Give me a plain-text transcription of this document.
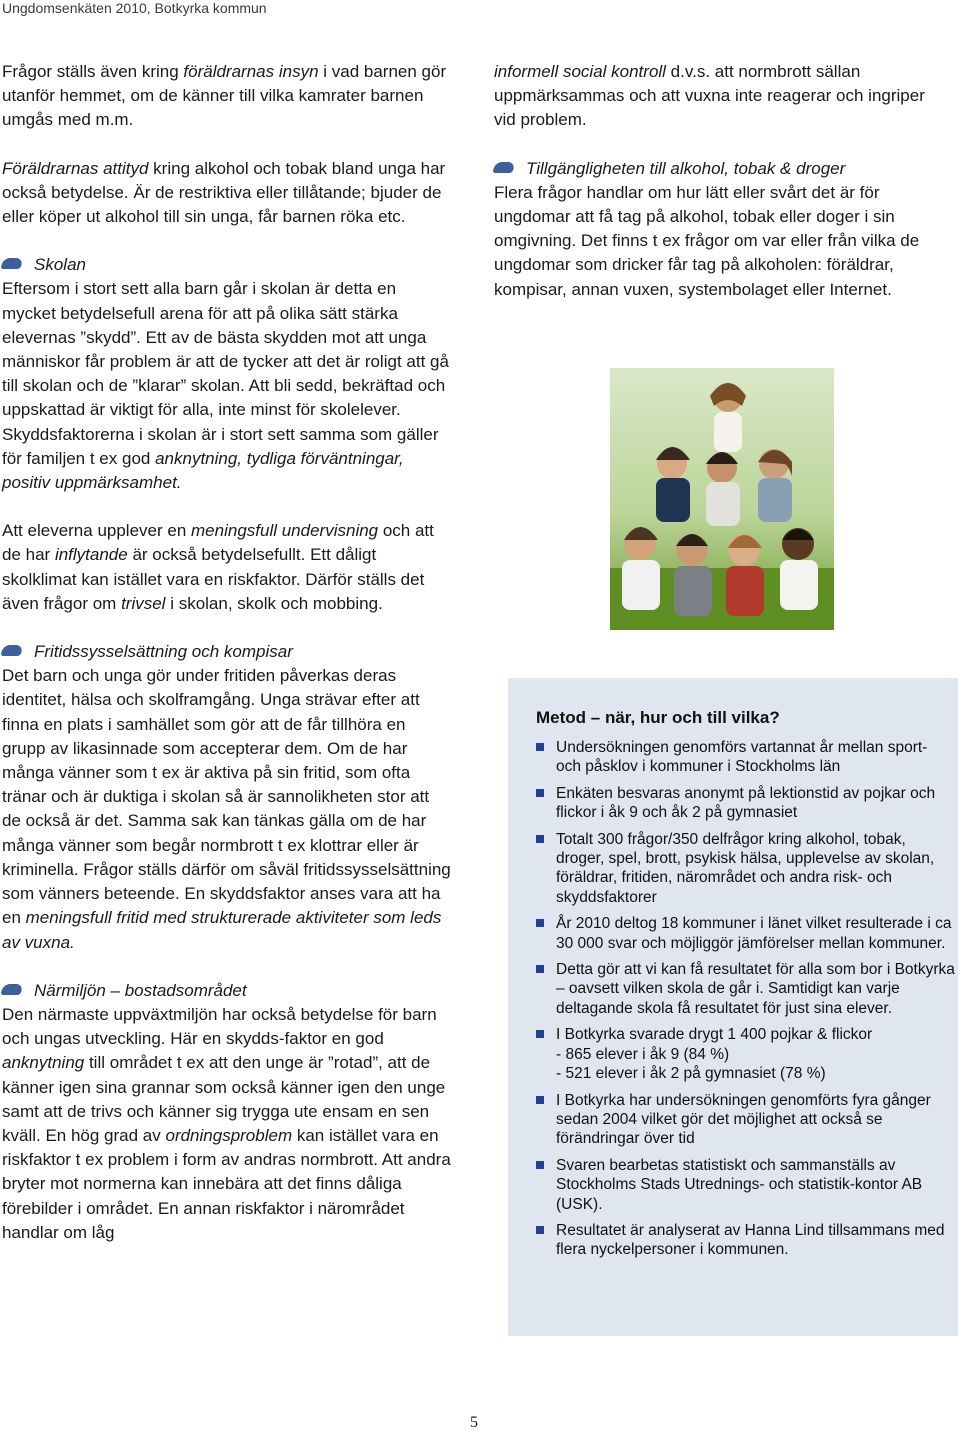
Ungdomsenkäten 2010, Botkyrka kommun

Frågor ställs även kring föräldrarnas insyn i vad barnen gör utanför hemmet, om de känner till vilka kamrater barnen umgås med m.m.

Föräldrarnas attityd kring alkohol och tobak bland unga har också betydelse. Är de restriktiva eller tillåtande; bjuder de eller köper ut alkohol till sin unga, får barnen röka etc.

Skolan
Eftersom i stort sett alla barn går i skolan är detta en mycket betydelsefull arena för att på olika sätt stärka elevernas ”skydd”. Ett av de bästa skydden mot att unga människor får problem är att de tycker att det är roligt att gå till skolan och de ”klarar” skolan. Att bli sedd, bekräftad och uppskattad är viktigt för alla, inte minst för skolelever. Skyddsfaktorerna i skolan är i stort sett samma som gäller för familjen t ex god anknytning, tydliga förväntningar, positiv uppmärksamhet.

Att eleverna upplever en meningsfull undervisning och att de har inflytande är också betydelsefullt. Ett dåligt skolklimat kan istället vara en riskfaktor. Därför ställs det även frågor om trivsel i skolan, skolk och mobbing.

Fritidssysselsättning och kompisar
Det barn och unga gör under fritiden påverkas deras identitet, hälsa och skolframgång. Unga strävar efter att finna en plats i samhället som gör att de får tillhöra en grupp av likasinnade som accepterar dem. Om de har många vänner som t ex är aktiva på sin fritid, som ofta tränar och är duktiga i skolan så är sannolikheten stor att de också är det. Samma sak kan tänkas gälla om de har många vänner som begår normbrott t ex klottrar eller är kriminella. Frågor ställs därför om såväl fritidssysselsättning som vänners beteende. En skyddsfaktor anses vara att ha en meningsfull fritid med strukturerade aktiviteter som leds av vuxna.

Närmiljön – bostadsområdet
Den närmaste uppväxtmiljön har också betydelse för barn och ungas utveckling. Här en skydds-faktor en god anknytning till området t ex att den unge är ”rotad”, att de känner igen sina grannar som också känner igen den unge samt att de trivs och känner sig trygga ute ensam en sen kväll. En hög grad av ordningsproblem kan istället vara en riskfaktor t ex problem i form av andras normbrott. Att andra bryter mot normerna kan innebära att det finns dåliga förebilder i området. En annan riskfaktor i närområdet handlar om låg

informell social kontroll d.v.s. att normbrott sällan uppmärksammas och att vuxna inte reagerar och ingriper vid problem.

Tillgängligheten till alkohol, tobak & droger
Flera frågor handlar om hur lätt eller svårt det är för ungdomar att få tag på alkohol, tobak eller doger i sin omgivning. Det finns t ex frågor om var eller från vilka de ungdomar som dricker får tag på alkoholen: föräldrar, kompisar, annan vuxen, systembolaget eller Internet.

Metod – när, hur och till vilka?
Undersökningen genomförs vartannat år mellan sport- och påsklov i kommuner i Stockholms län
Enkäten besvaras anonymt på lektionstid av pojkar och flickor i åk 9 och åk 2 på gymnasiet
Totalt 300 frågor/350 delfrågor kring alkohol, tobak, droger, spel, brott, psykisk hälsa, upplevelse av skolan, föräldrar, fritiden, närområdet och andra risk- och skyddsfaktorer
År 2010 deltog 18 kommuner i länet vilket resulterade i ca 30 000 svar och möjliggör jämförelser mellan kommuner.
Detta gör att vi kan få resultatet för alla som bor i Botkyrka – oavsett vilken skola de går i. Samtidigt kan varje deltagande skola få resultatet för just sina elever.
I Botkyrka svarade drygt 1 400 pojkar & flickor
- 865 elever i åk 9 (84 %)
- 521 elever i åk 2 på gymnasiet (78 %)
I Botkyrka har undersökningen genomförts fyra gånger sedan 2004 vilket gör det möjlighet att också se förändringar över tid
Svaren bearbetas statistiskt och sammanställs av Stockholms Stads Utrednings- och statistik-kontor AB (USK).
Resultatet är analyserat av Hanna Lind tillsammans med flera nyckelpersoner i kommunen.
5
